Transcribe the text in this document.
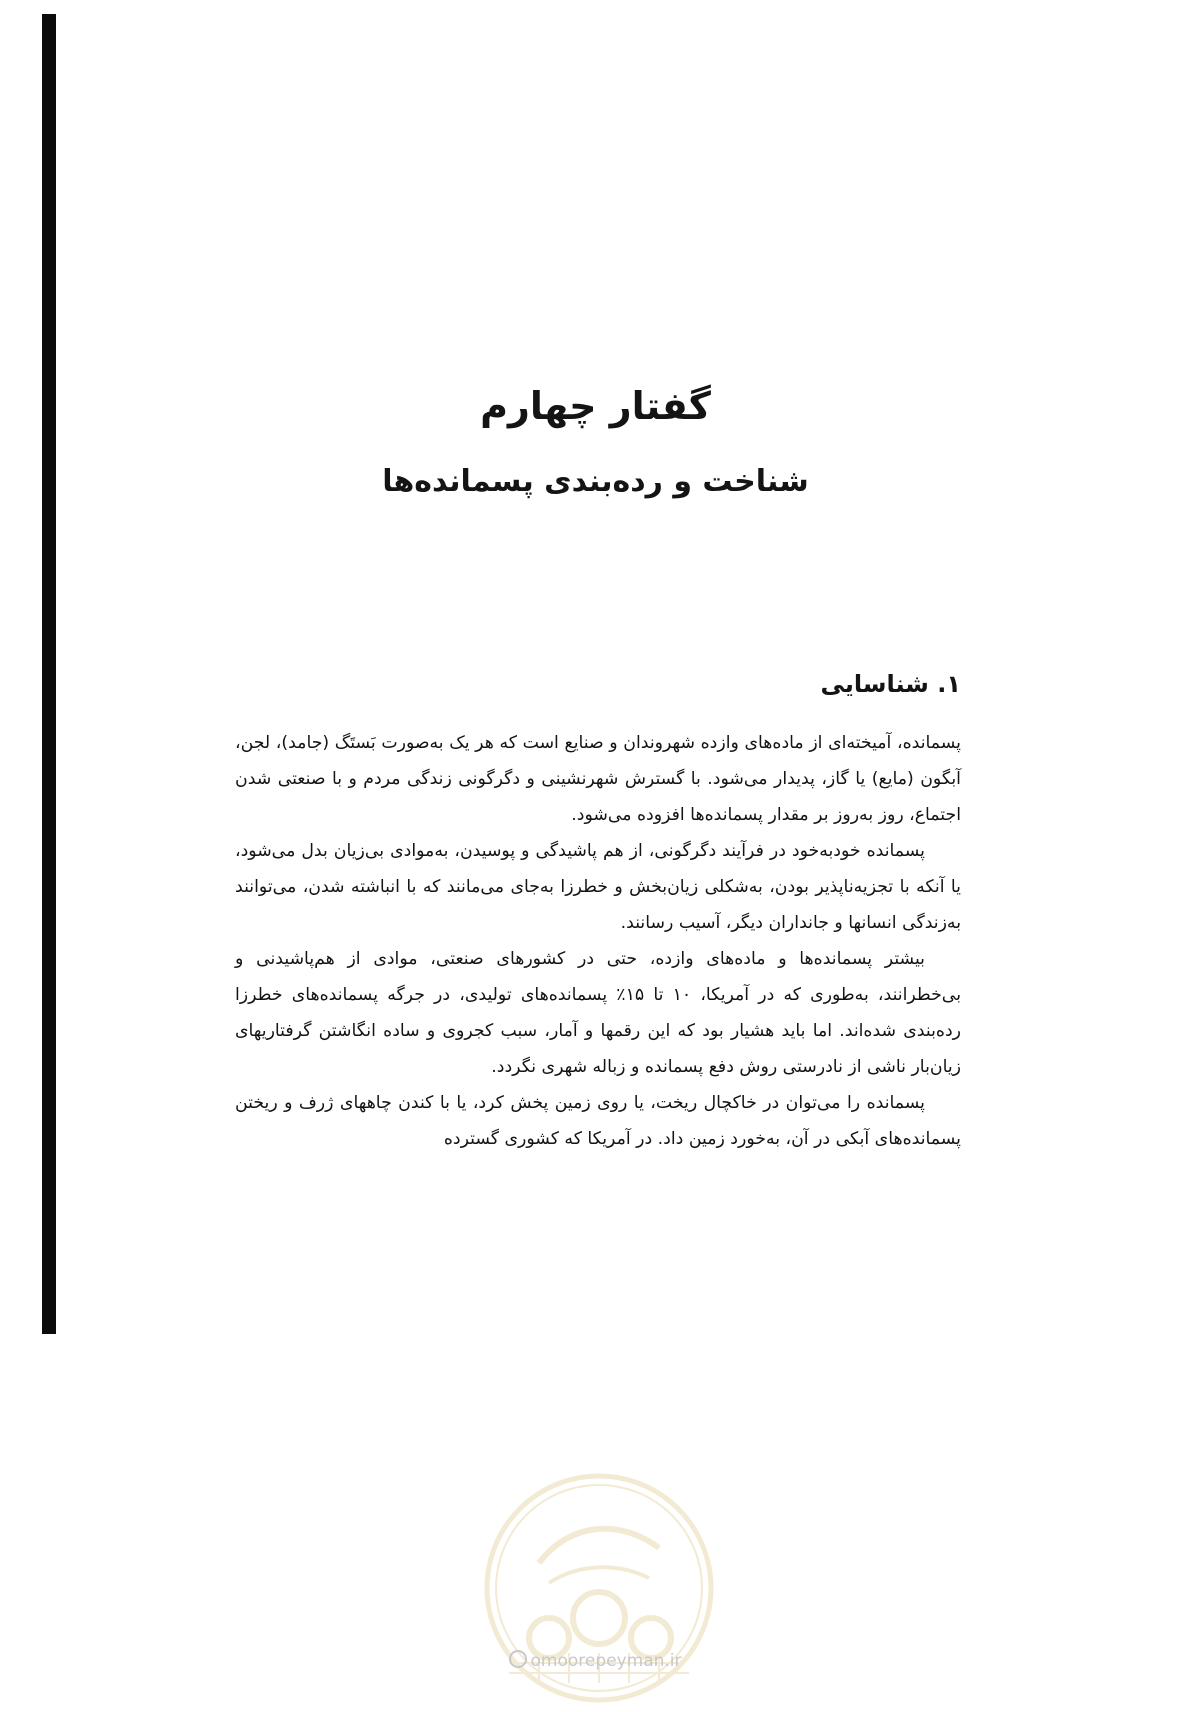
گفتار چهارم
شناخت و رده‌بندی پسمانده‌ها
۱. شناسایی

پسمانده، آمیخته‌ای از ماده‌های وازده شهروندان و صنایع است که هر یک به‌صورت بَستَگ (جامد)، لجن، آبگون (مایع) یا گاز، پدیدار می‌شود. با گسترش شهرنشینی و دگرگونی زندگی مردم و با صنعتی شدن اجتماع، روز به‌روز بر مقدار پسمانده‌ها افزوده می‌شود.

پسمانده خودبه‌خود در فرآیند دگرگونی، از هم پاشیدگی و پوسیدن، به‌موادی بی‌زیان بدل می‌شود، یا آنکه با تجزیه‌ناپذیر بودن، به‌شکلی زیان‌بخش و خطرزا به‌جای می‌مانند که با انباشته شدن، می‌توانند به‌زندگی انسانها و جانداران دیگر، آسیب رسانند.

بیشتر پسمانده‌ها و ماده‌های وازده، حتی در کشورهای صنعتی، موادی از هم‌پاشیدنی و بی‌خطرانند، به‌طوری که در آمریکا، ۱۰ تا ۱۵٪ پسمانده‌های تولیدی، در جرگه پسمانده‌های خطرزا رده‌بندی شده‌اند. اما باید هشیار بود که این رقمها و آمار، سبب کجروی و ساده انگاشتن گرفتاریهای زیان‌بار ناشی از نادرستی روش دفع پسمانده و زباله شهری نگردد.

پسمانده را می‌توان در خاکچال ریخت، یا روی زمین پخش کرد، یا با کندن چاههای ژرف و ریختن پسمانده‌های آبکی در آن، به‌خورد زمین داد. در آمریکا که کشوری گسترده

omoorepeyman.ir
